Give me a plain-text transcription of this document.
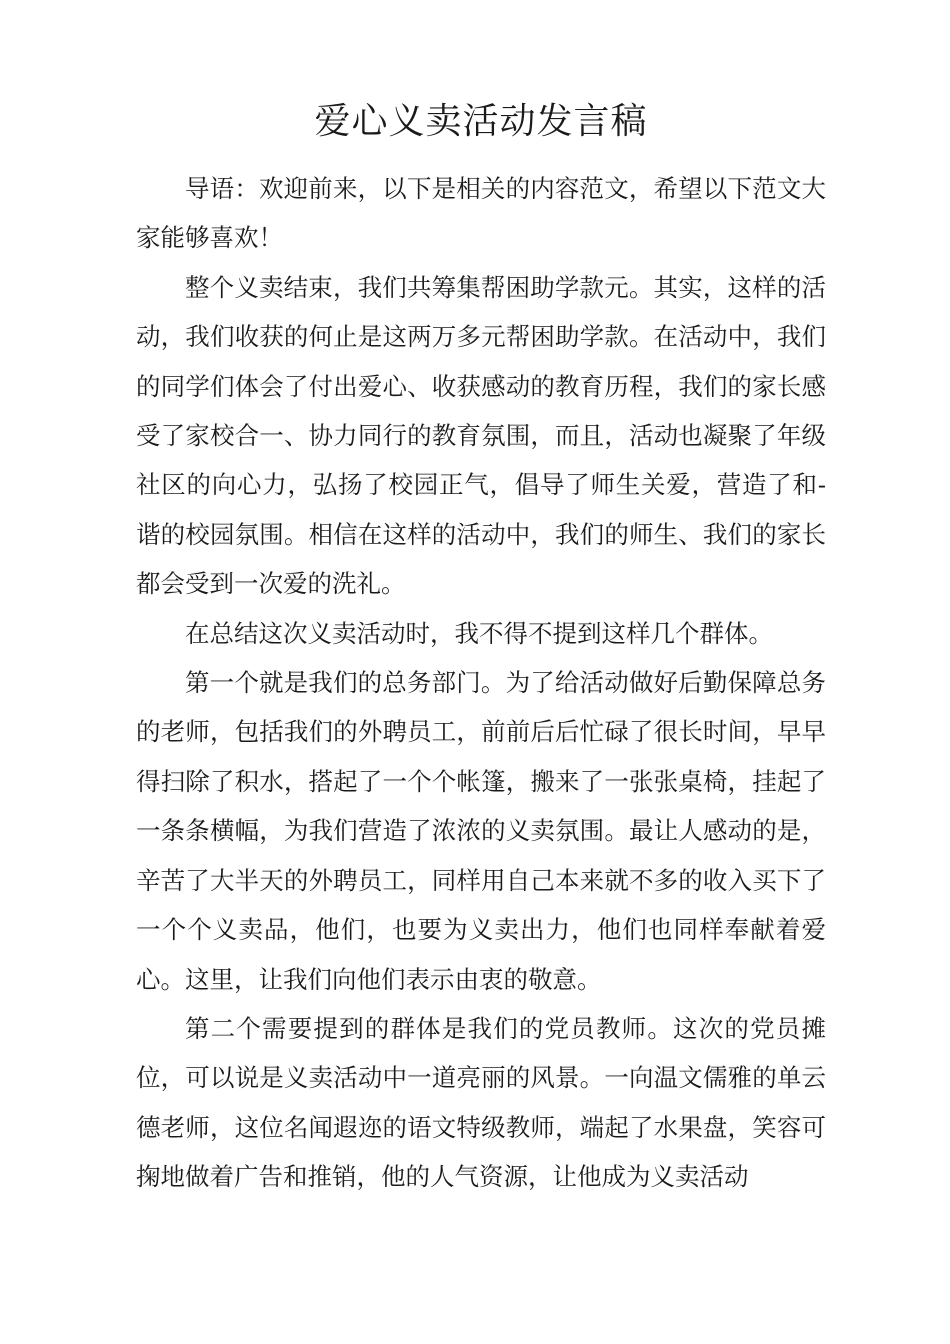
爱心义卖活动发言稿

导语：欢迎前来，以下是相关的内容范文，希望以下范文大家能够喜欢！

整个义卖结束，我们共筹集帮困助学款元。其实，这样的活动，我们收获的何止是这两万多元帮困助学款。在活动中，我们的同学们体会了付出爱心、收获感动的教育历程，我们的家长感受了家校合一、协力同行的教育氛围，而且，活动也凝聚了年级社区的向心力，弘扬了校园正气，倡导了师生关爱，营造了和-谐的校园氛围。相信在这样的活动中，我们的师生、我们的家长都会受到一次爱的洗礼。

在总结这次义卖活动时，我不得不提到这样几个群体。

第一个就是我们的总务部门。为了给活动做好后勤保障总务的老师，包括我们的外聘员工，前前后后忙碌了很长时间，早早得扫除了积水，搭起了一个个帐篷，搬来了一张张桌椅，挂起了一条条横幅，为我们营造了浓浓的义卖氛围。最让人感动的是，辛苦了大半天的外聘员工，同样用自己本来就不多的收入买下了一个个义卖品，他们，也要为义卖出力，他们也同样奉献着爱心。这里，让我们向他们表示由衷的敬意。

第二个需要提到的群体是我们的党员教师。这次的党员摊位，可以说是义卖活动中一道亮丽的风景。一向温文儒雅的单云德老师，这位名闻遐迩的语文特级教师，端起了水果盘，笑容可掬地做着广告和推销，他的人气资源，让他成为义卖活动
